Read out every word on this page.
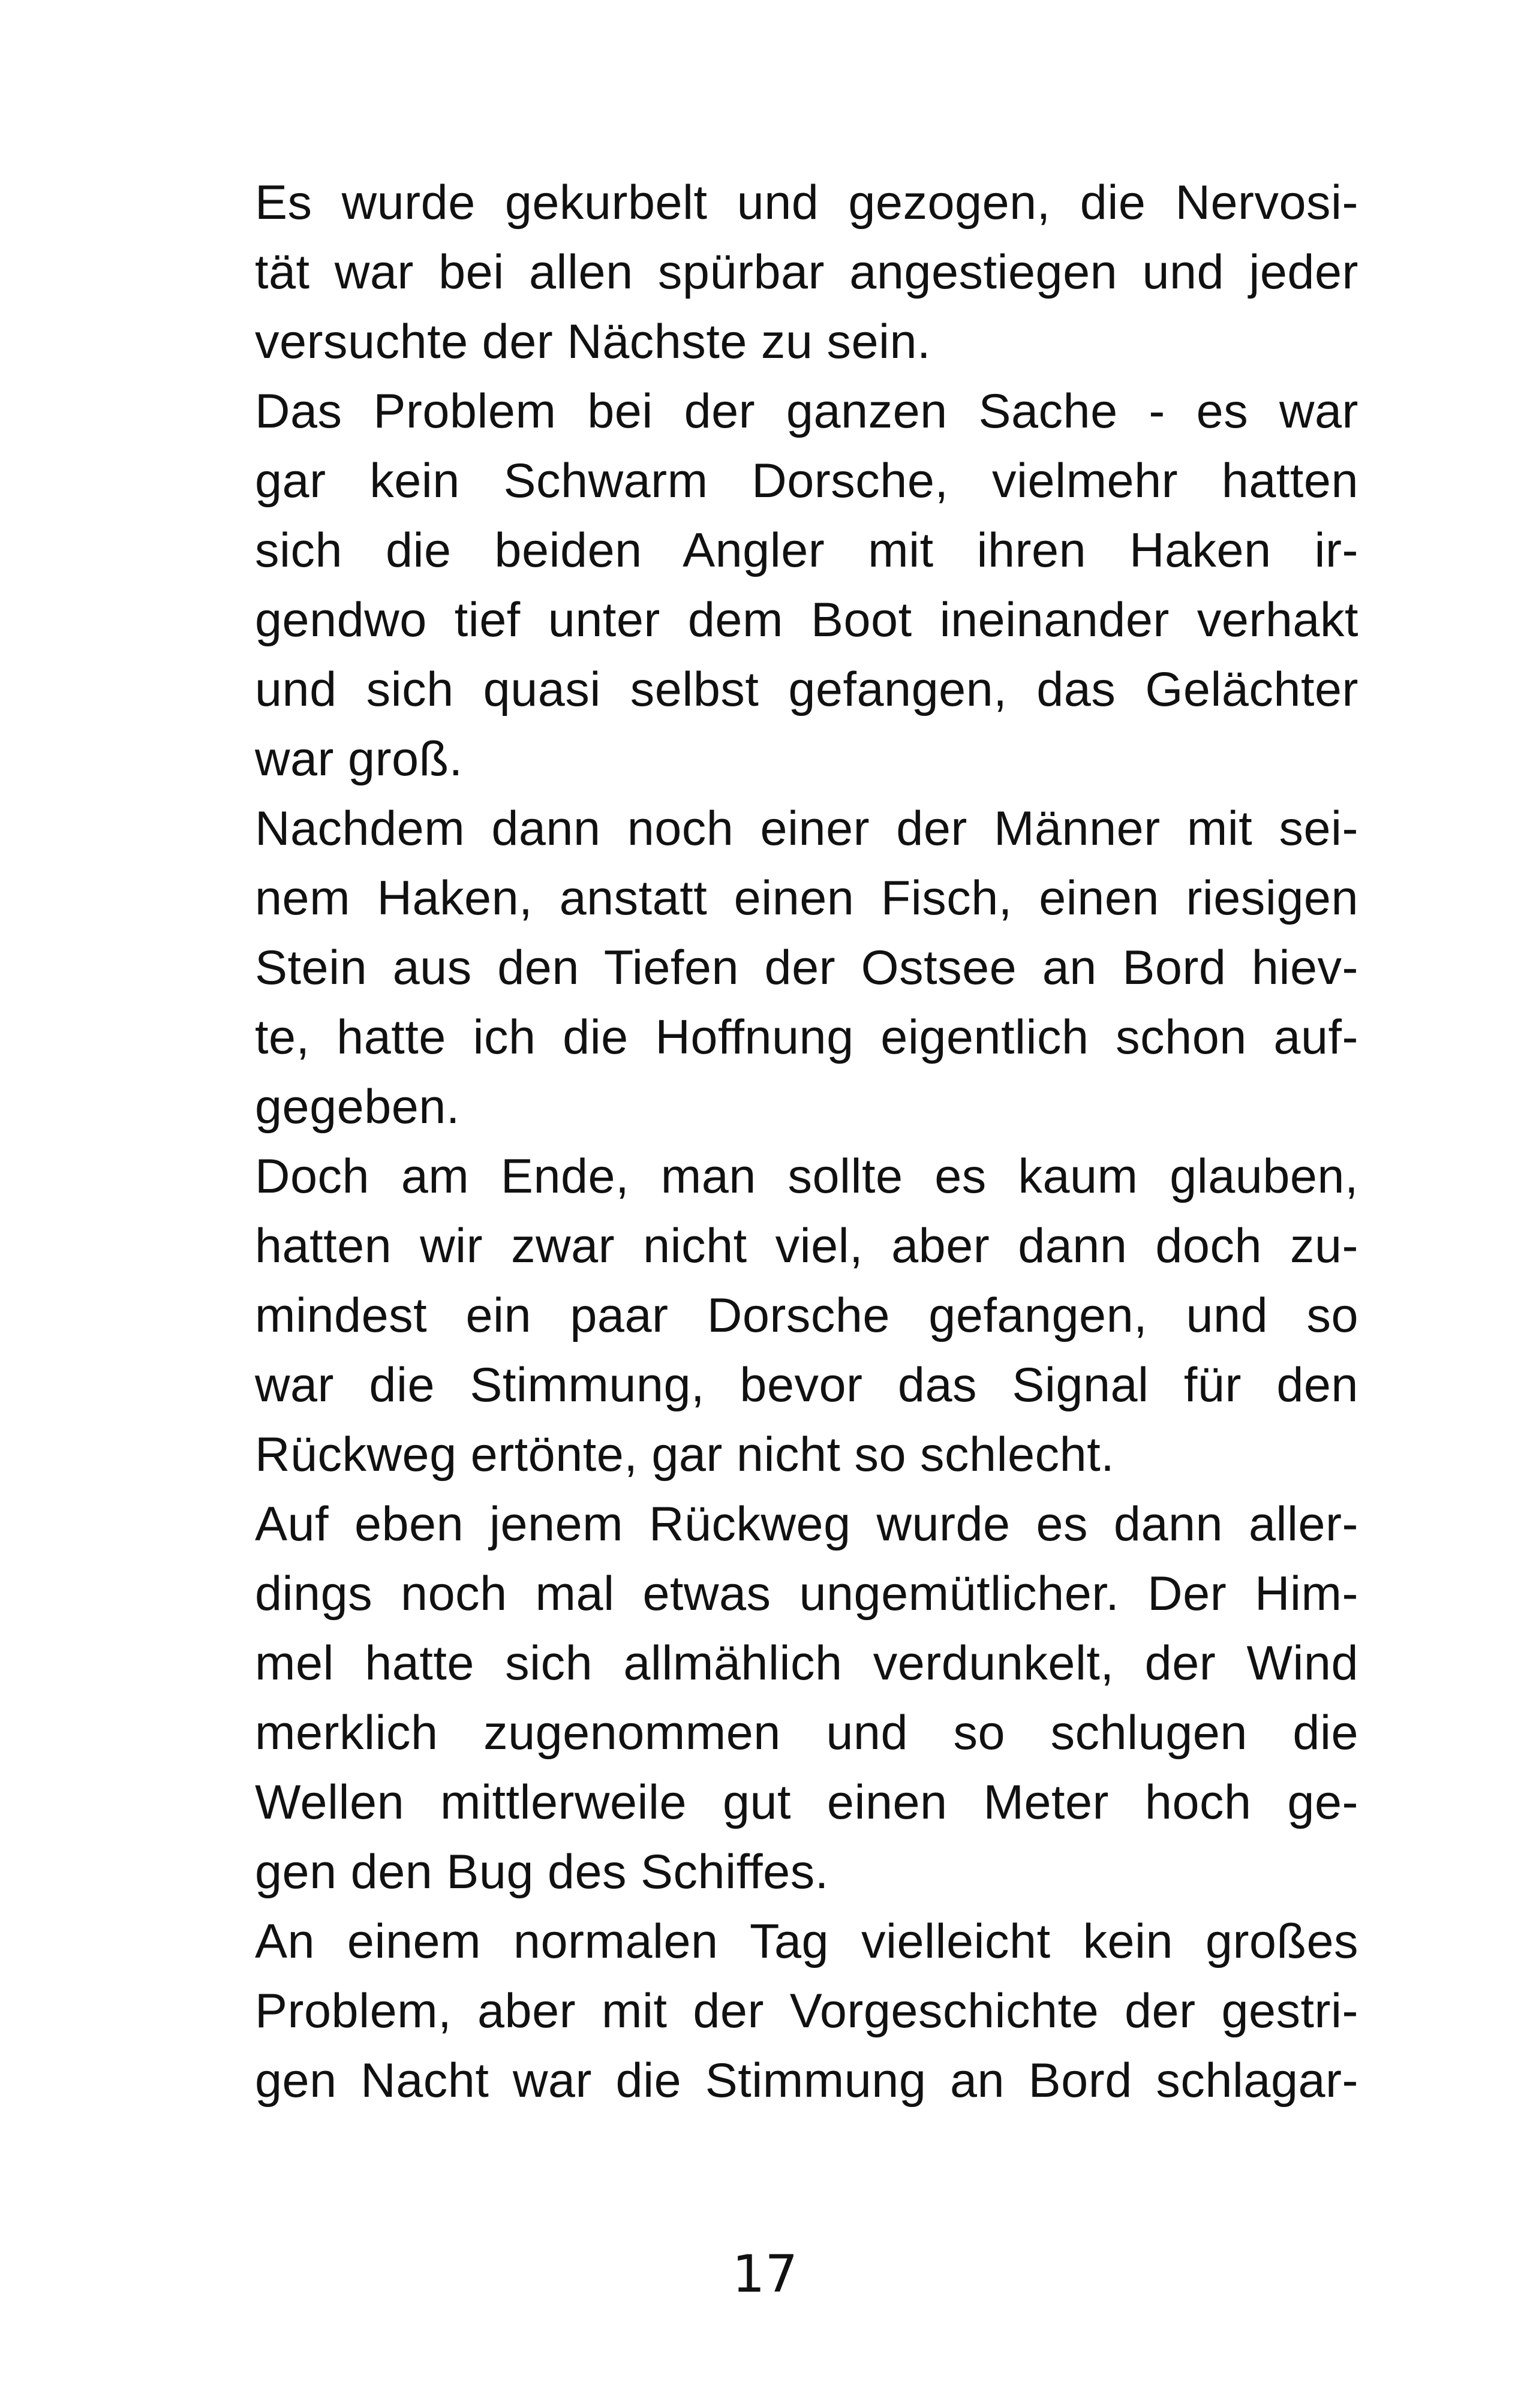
Es wurde gekurbelt und gezogen, die Nervosi-
tät war bei allen spürbar angestiegen und jeder
versuchte der Nächste zu sein.
Das Problem bei der ganzen Sache - es war
gar kein Schwarm Dorsche, vielmehr hatten
sich die beiden Angler mit ihren Haken ir-
gendwo tief unter dem Boot ineinander verhakt
und sich quasi selbst gefangen, das Gelächter
war groß.
Nachdem dann noch einer der Männer mit sei-
nem Haken, anstatt einen Fisch, einen riesigen
Stein aus den Tiefen der Ostsee an Bord hiev-
te, hatte ich die Hoffnung eigentlich schon auf-
gegeben.
Doch am Ende, man sollte es kaum glauben,
hatten wir zwar nicht viel, aber dann doch zu-
mindest ein paar Dorsche gefangen, und so
war die Stimmung, bevor das Signal für den
Rückweg ertönte, gar nicht so schlecht.
Auf eben jenem Rückweg wurde es dann aller-
dings noch mal etwas ungemütlicher. Der Him-
mel hatte sich allmählich verdunkelt, der Wind
merklich zugenommen und so schlugen die
Wellen mittlerweile gut einen Meter hoch ge-
gen den Bug des Schiffes.
An einem normalen Tag vielleicht kein großes
Problem, aber mit der Vorgeschichte der gestri-
gen Nacht war die Stimmung an Bord schlagar-
17
